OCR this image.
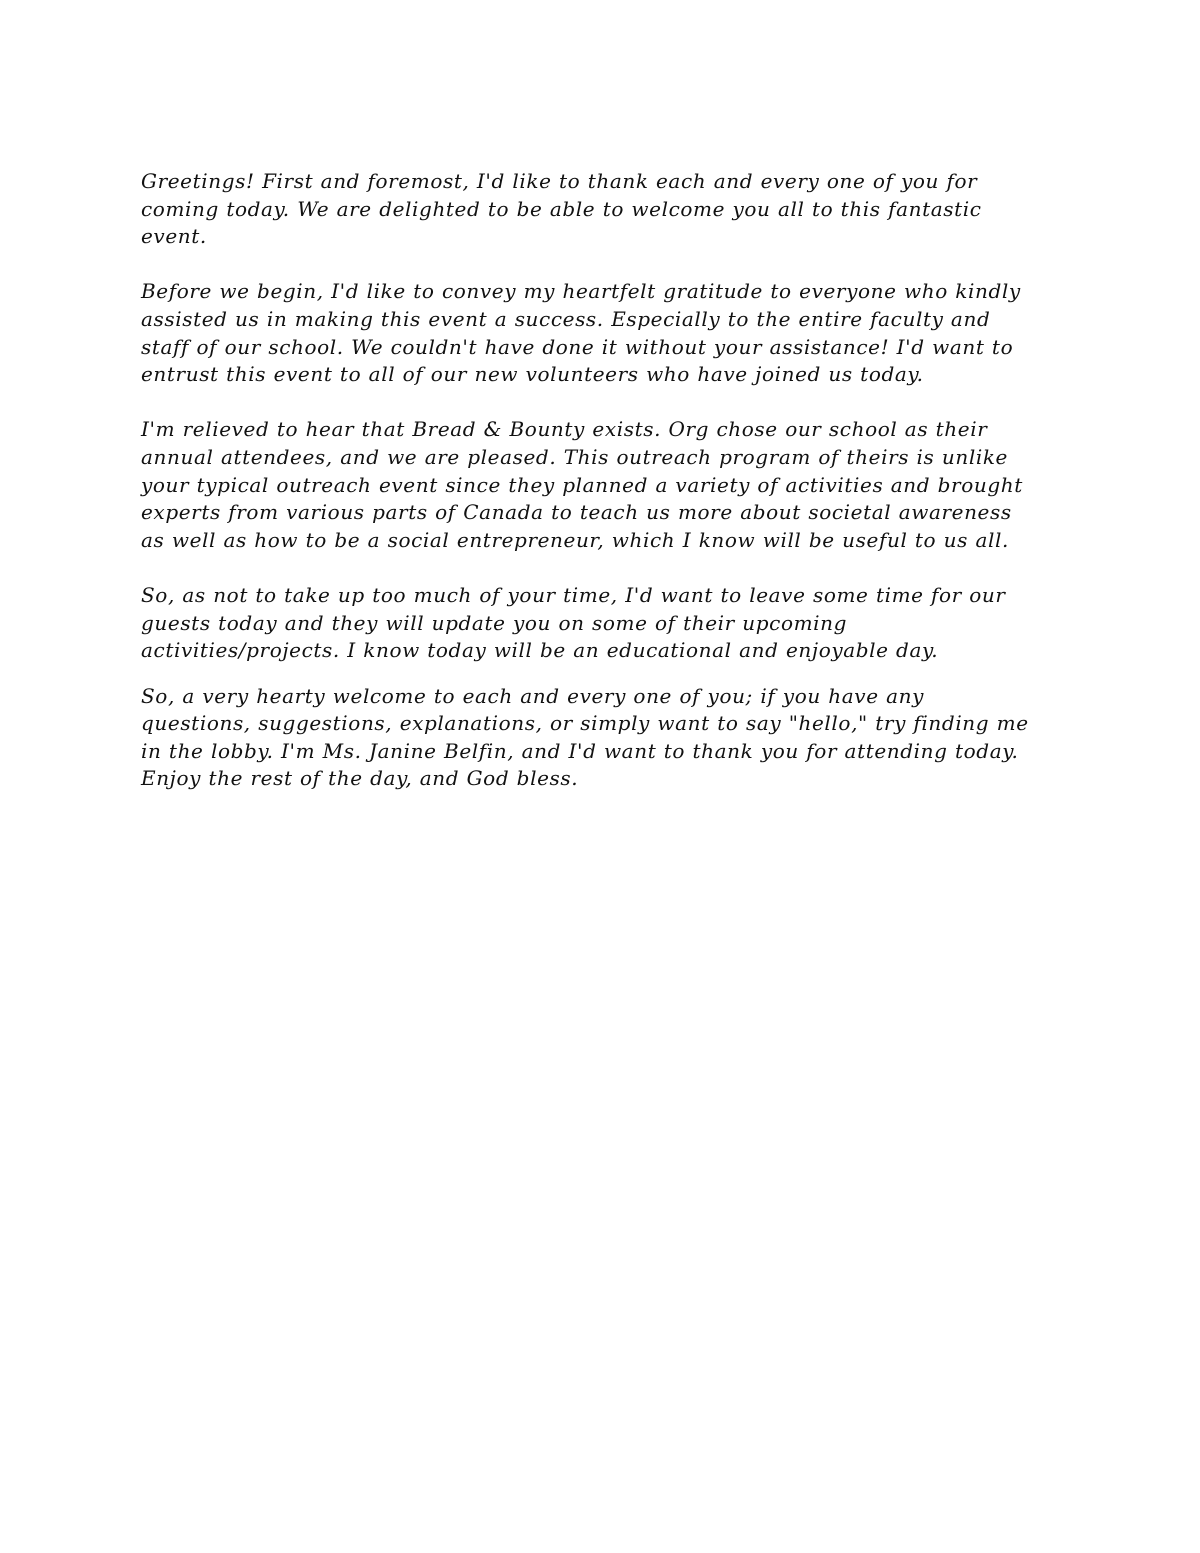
Greetings! First and foremost, I'd like to thank each and every one of you for
coming today. We are delighted to be able to welcome you all to this fantastic
event.

Before we begin, I'd like to convey my heartfelt gratitude to everyone who kindly
assisted us in making this event a success. Especially to the entire faculty and
staff of our school. We couldn't have done it without your assistance! I'd want to
entrust this event to all of our new volunteers who have joined us today.

I'm relieved to hear that Bread & Bounty exists. Org chose our school as their
annual attendees, and we are pleased. This outreach program of theirs is unlike
your typical outreach event since they planned a variety of activities and brought
experts from various parts of Canada to teach us more about societal awareness
as well as how to be a social entrepreneur, which I know will be useful to us all.

So, as not to take up too much of your time, I'd want to leave some time for our
guests today and they will update you on some of their upcoming
activities/projects. I know today will be an educational and enjoyable day.

So, a very hearty welcome to each and every one of you; if you have any
questions, suggestions, explanations, or simply want to say "hello," try finding me
in the lobby. I'm Ms. Janine Belfin, and I'd want to thank you for attending today.
Enjoy the rest of the day, and God bless.
